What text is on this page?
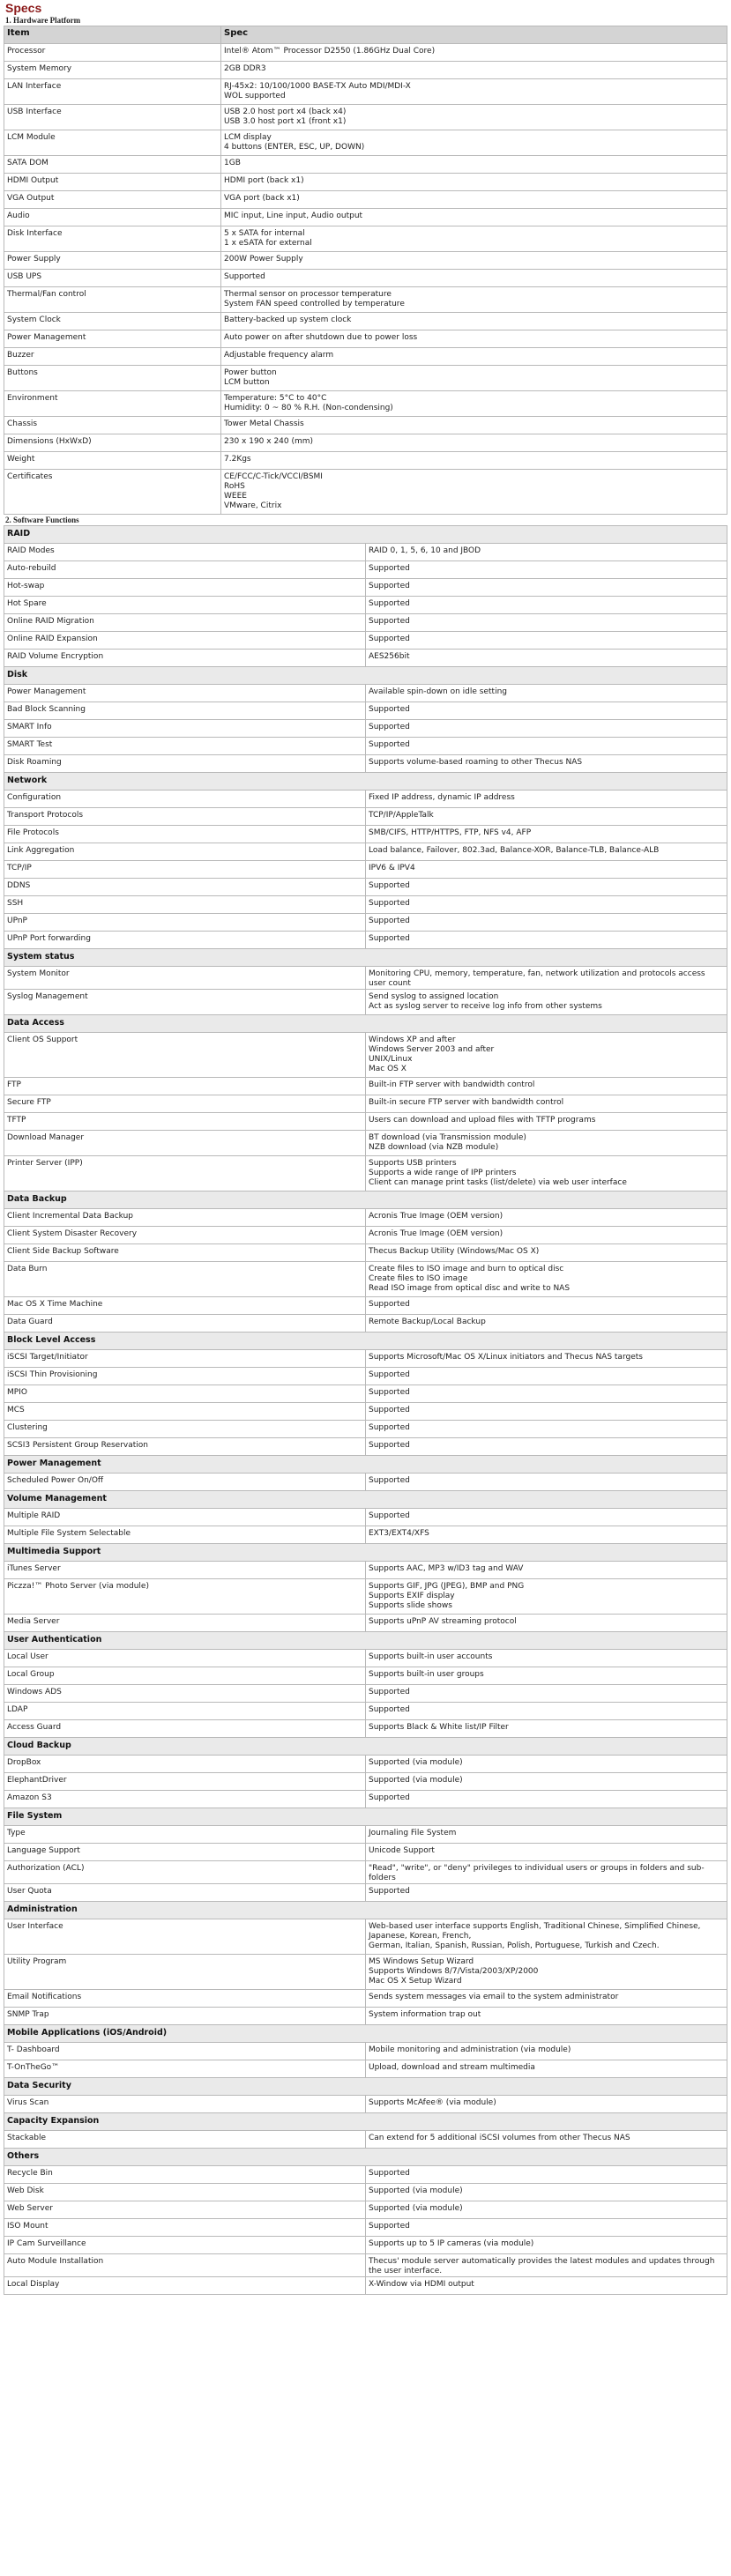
Specs
1. Hardware Platform
Item	Spec
Processor	Intel® Atom™ Processor D2550 (1.86GHz Dual Core)

System Memory	2GB DDR3

LAN Interface	RJ-45x2: 10/100/1000 BASE-TX Auto MDI/MDI-X
WOL supported

USB Interface	USB 2.0 host port x4 (back x4)
USB 3.0 host port x1 (front x1)

LCM Module	LCM display
4 buttons (ENTER, ESC, UP, DOWN)

SATA DOM	1GB

HDMI Output	HDMI port (back x1)

VGA Output	VGA port (back x1)

Audio	MIC input, Line input, Audio output

Disk Interface	5 x SATA for internal
1 x eSATA for external

Power Supply	200W Power Supply

USB UPS	Supported

Thermal/Fan control	Thermal sensor on processor temperature
System FAN speed controlled by temperature

System Clock	Battery-backed up system clock

Power Management	Auto power on after shutdown due to power loss

Buzzer	Adjustable frequency alarm

Buttons	Power button
LCM button

Environment	Temperature: 5°C to 40°C
Humidity: 0 ~ 80 % R.H. (Non-condensing)

Chassis	Tower Metal Chassis

Dimensions (HxWxD)	230 x 190 x 240 (mm)

Weight	7.2Kgs

Certificates	CE/FCC/C-Tick/VCCI/BSMI
RoHS
WEEE
VMware, Citrix
2. Software Functions
RAID	
RAID Modes	RAID 0, 1, 5, 6, 10 and JBOD

Auto-rebuild	Supported

Hot-swap	Supported

Hot Spare	Supported

Online RAID Migration	Supported

Online RAID Expansion	Supported

RAID Volume Encryption	AES256bit

Disk	
Power Management	Available spin-down on idle setting

Bad Block Scanning	Supported

SMART Info	Supported

SMART Test	Supported

Disk Roaming	Supports volume-based roaming to other Thecus NAS

Network	
Configuration	Fixed IP address, dynamic IP address

Transport Protocols	TCP/IP/AppleTalk

File Protocols	SMB/CIFS, HTTP/HTTPS, FTP, NFS v4, AFP

Link Aggregation	Load balance, Failover, 802.3ad, Balance-XOR, Balance-TLB, Balance-ALB

TCP/IP	IPV6 & IPV4

DDNS	Supported

SSH	Supported

UPnP	Supported

UPnP Port forwarding	Supported

System status	
System Monitor	Monitoring CPU, memory, temperature, fan, network utilization and protocols access user count

Syslog Management	Send syslog to assigned location
Act as syslog server to receive log info from other systems

Data Access	
Client OS Support	Windows XP and after
Windows Server 2003 and after
UNIX/Linux
Mac OS X

FTP	Built-in FTP server with bandwidth control

Secure FTP	Built-in secure FTP server with bandwidth control

TFTP	Users can download and upload files with TFTP programs

Download Manager	BT download (via Transmission module)
NZB download (via NZB module)

Printer Server (IPP)	Supports USB printers
Supports a wide range of IPP printers
Client can manage print tasks (list/delete) via web user interface

Data Backup	
Client Incremental Data Backup	Acronis True Image (OEM version)

Client System Disaster Recovery	Acronis True Image (OEM version)

Client Side Backup Software	Thecus Backup Utility (Windows/Mac OS X)

Data Burn	Create files to ISO image and burn to optical disc
Create files to ISO image
Read ISO image from optical disc and write to NAS

Mac OS X Time Machine	Supported

Data Guard	Remote Backup/Local Backup

Block Level Access	
iSCSI Target/Initiator	Supports Microsoft/Mac OS X/Linux initiators and Thecus NAS targets

iSCSI Thin Provisioning	Supported

MPIO	Supported

MCS	Supported

Clustering	Supported

SCSI3 Persistent Group Reservation	Supported

Power Management	
Scheduled Power On/Off	Supported

Volume Management	
Multiple RAID	Supported

Multiple File System Selectable	EXT3/EXT4/XFS

Multimedia Support	
iTunes Server	Supports AAC, MP3 w/ID3 tag and WAV

Piczza!™ Photo Server (via module)	Supports GIF, JPG (JPEG), BMP and PNG
Supports EXIF display
Supports slide shows

Media Server	Supports uPnP AV streaming protocol

User Authentication	
Local User	Supports built-in user accounts

Local Group	Supports built-in user groups

Windows ADS	Supported

LDAP	Supported

Access Guard	Supports Black & White list/IP Filter

Cloud Backup	
DropBox	Supported (via module)

ElephantDriver	Supported (via module)

Amazon S3	Supported

File System	
Type	Journaling File System

Language Support	Unicode Support

Authorization (ACL)	"Read", "write", or "deny" privileges to individual users or groups in folders and sub-folders

User Quota	Supported

Administration	
User Interface	Web-based user interface supports English, Traditional Chinese, Simplified Chinese, Japanese, Korean, French,
German, Italian, Spanish, Russian, Polish, Portuguese, Turkish and Czech.

Utility Program	MS Windows Setup Wizard
Supports Windows 8/7/Vista/2003/XP/2000
Mac OS X Setup Wizard

Email Notifications	Sends system messages via email to the system administrator

SNMP Trap	System information trap out

Mobile Applications (iOS/Android)	
T- Dashboard	Mobile monitoring and administration (via module)

T-OnTheGo™	Upload, download and stream multimedia

Data Security	
Virus Scan	Supports McAfee® (via module)

Capacity Expansion	
Stackable	Can extend for 5 additional iSCSI volumes from other Thecus NAS

Others	
Recycle Bin	Supported

Web Disk	Supported (via module)

Web Server	Supported (via module)

ISO Mount	Supported

IP Cam Surveillance	Supports up to 5 IP cameras (via module)

Auto Module Installation	Thecus' module server automatically provides the latest modules and updates through the user interface.

Local Display	X-Window via HDMI output
